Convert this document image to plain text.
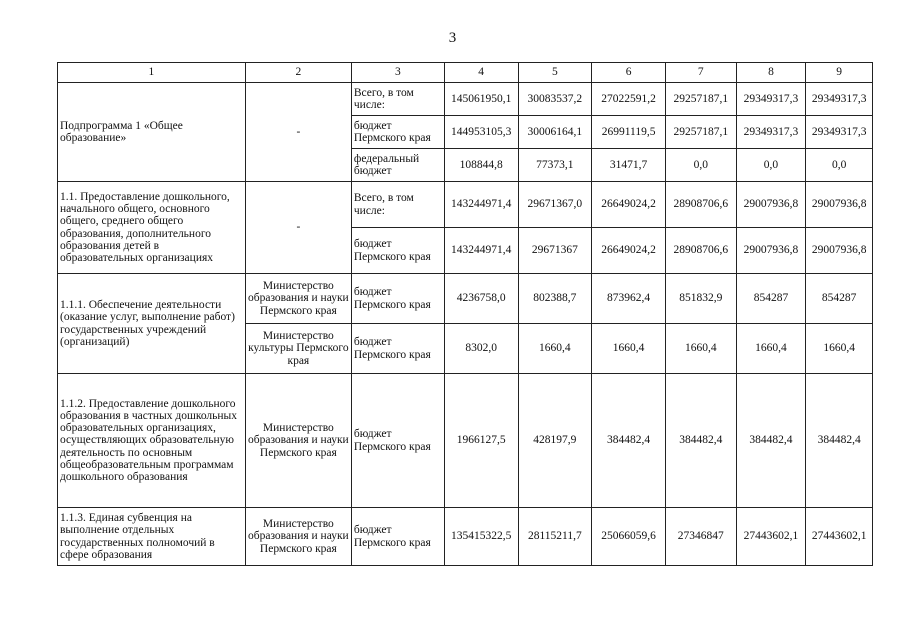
3
1	2	3	4	5	6	7	8	9
Подпрограмма 1 «Общее образование»	-	Всего, в том числе:	145061950,1	30083537,2	27022591,2	29257187,1	29349317,3	29349317,3
		бюджет Пермского края	144953105,3	30006164,1	26991119,5	29257187,1	29349317,3	29349317,3
		федеральный бюджет	108844,8	77373,1	31471,7	0,0	0,0	0,0
1.1. Предоставление дошкольного, начального общего, основного общего, среднего общего образования, дополнительного образования детей в образовательных организациях	-	Всего, в том числе:	143244971,4	29671367,0	26649024,2	28908706,6	29007936,8	29007936,8
		бюджет Пермского края	143244971,4	29671367	26649024,2	28908706,6	29007936,8	29007936,8
1.1.1. Обеспечение деятельности (оказание услуг, выполнение работ) государственных учреждений (организаций)	Министерство образования и науки Пермского края	бюджет Пермского края	4236758,0	802388,7	873962,4	851832,9	854287	854287
	Министерство культуры Пермского края	бюджет Пермского края	8302,0	1660,4	1660,4	1660,4	1660,4	1660,4
1.1.2. Предоставление дошкольного образования в частных дошкольных образовательных организациях, осуществляющих образовательную деятельность по основным общеобразовательным программам дошкольного образования	Министерство образования и науки Пермского края	бюджет Пермского края	1966127,5	428197,9	384482,4	384482,4	384482,4	384482,4
1.1.3. Единая субвенция на выполнение отдельных государственных полномочий в сфере образования	Министерство образования и науки Пермского края	бюджет Пермского края	135415322,5	28115211,7	25066059,6	27346847	27443602,1	27443602,1
